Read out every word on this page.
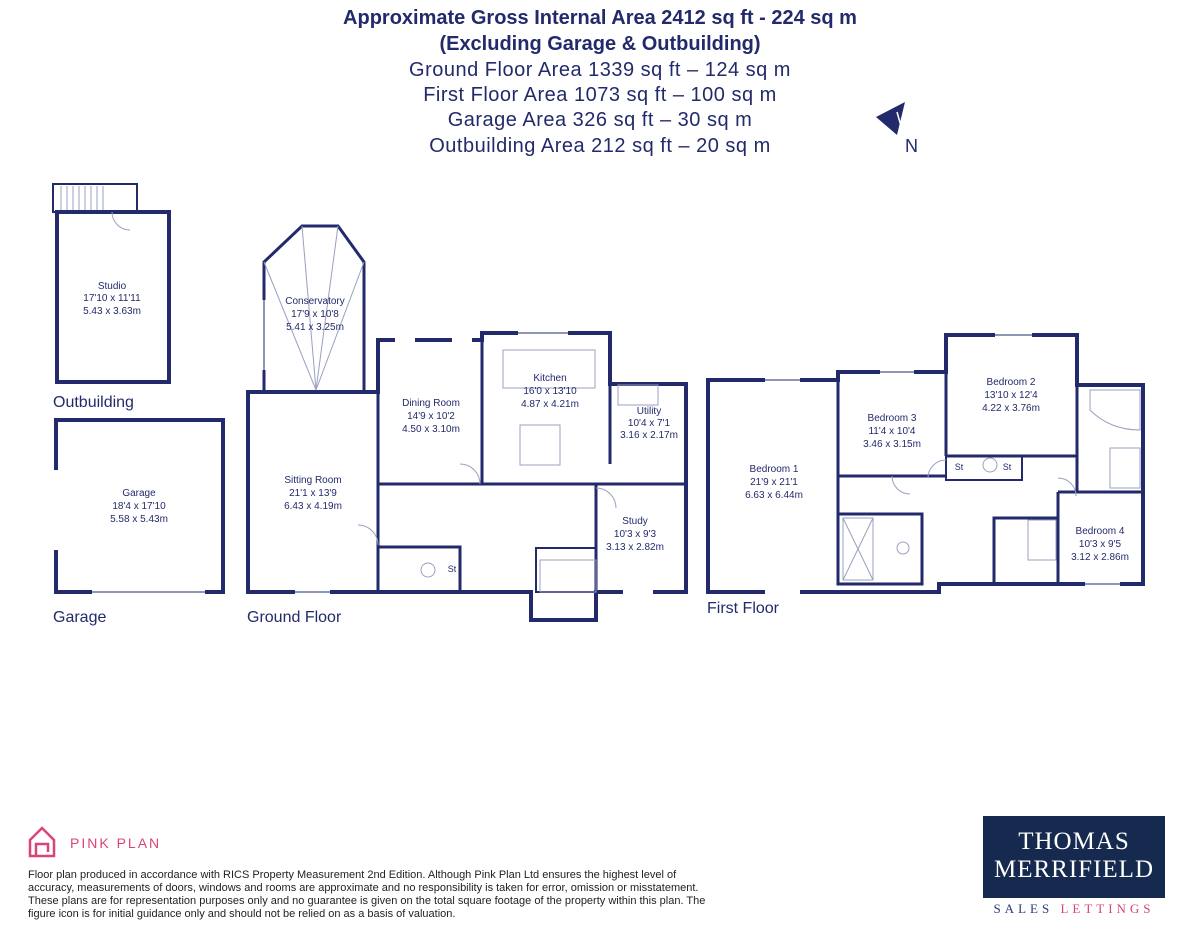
Approximate Gross Internal Area 2412 sq ft - 224 sq m
(Excluding Garage & Outbuilding)
Ground Floor Area 1339 sq ft – 124 sq m
First Floor Area 1073 sq ft – 100 sq m
Garage Area 326 sq ft – 30 sq m
Outbuilding Area 212 sq ft – 20 sq m	N
Studio
17'10 x 11'11
5.43 x 3.63m
Garage
18'4 x 17'10
5.58 x 5.43m
Conservatory
17'9 x 10'8
5.41 x 3.25m
Dining Room
14'9 x 10'2
4.50 x 3.10m
Kitchen
16'0 x 13'10
4.87 x 4.21m
Utility
10'4 x 7'1
3.16 x 2.17m
Sitting Room
21'1 x 13'9
6.43 x 4.19m
Study
10'3 x 9'3
3.13 x 2.82m
Bedroom 1
21'9 x 21'1
6.63 x 6.44m
Bedroom 3
11'4 x 10'4
3.46 x 3.15m
Bedroom 2
13'10 x 12'4
4.22 x 3.76m
Bedroom 4
10'3 x 9'5
3.12 x 2.86m
St
St	St
Outbuilding
Garage	Ground Floor
First Floor
PINK PLAN
Floor plan produced in accordance with RICS Property Measurement 2nd Edition. Although Pink Plan Ltd ensures the highest level of accuracy, measurements of doors, windows and rooms are approximate and no responsibility is taken for error, omission or misstatement. These plans are for representation purposes only and no guarantee is given on the total square footage of the property within this plan. The figure icon is for initial guidance only and should not be relied on as a basis of valuation.
THOMAS
MERRIFIELD
SALES LETTINGS
